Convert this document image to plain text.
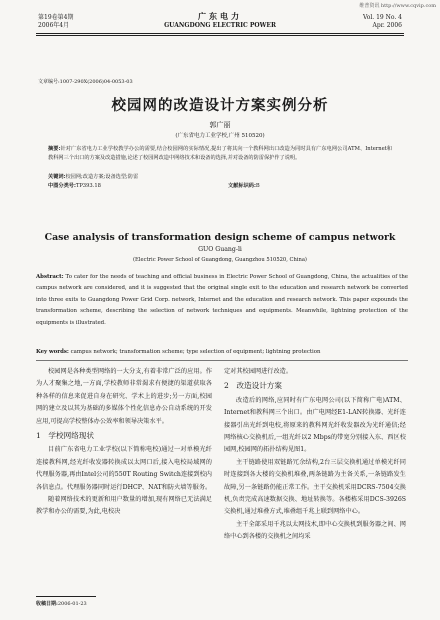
维普资讯 http://www.cqvip.com
第19卷第4期
2006年4月
广东电力
GUANGDONG ELECTRIC POWER
Vol. 19 No. 4
Apr. 2006
文章编号:1007-290X(2006)04-0053-03
校园网的改造设计方案实例分析
郭广丽
(广东省电力工业学校,广州 510520)
摘要:针对广东省电力工业学校教学办公的需要,结合校园网的实际情况,提出了将其向一个教科网出口改造为同时具有广东电网公司ATM、Internet和教科网三个出口的方案及改造措施,论述了校园网改造中网络技术和设备的选择,并对设备的防雷保护作了说明。
关键词:校园网;改造方案;设备选型;防雷
中图分类号:TP393.18	文献标识码:B
Case analysis of transformation design scheme of campus network
GUO Guang-li
(Electric Power School of Guangdong, Guangzhou 510520, China)
Abstract: To cater for the needs of teaching and official business in Electric Power School of Guangdong, China, the actualities of the campus network are considered, and it is suggested that the original single exit to the education and research network be converted into three exits to Guangdong Power Grid Corp. network, Internet and the education and research network. This paper expounds the transformation scheme, describing the selection of network techniques and equipments. Meanwhile, lightning protection of the equipments is illustrated.
Key words: campus network; transformation scheme; type selection of equipment; lightning protection

校园网是各种类型网络的一大分支,有着非常广泛的应用。作为人才聚集之地,一方面,学校教师非常渴求有便捷的渠道获取各种各样的信息来促进自身在研究、学术上的进步;另一方面,校园网的建立及以其为基础的多媒体个性化信息办公自动系统的开发应用,可提高学校整体办公效率和领导决策水平。

1　学校网络现状

目前广东省电力工业学校(以下简称电校)通过一对单模光纤连接教科网,经光纤收发器转换成以太网口后,接入电校局域网的代理服务器,再由Intel公司的550T Routing Switch连接到校内各信息点。代理服务器同时运行DHCP、NAT和防火墙等服务。

随着网络技术的更新和用户数量的增加,现有网络已无法满足教学和办公的需要,为此,电校决

定对其校园网进行改造。

2　改造设计方案

改造后的网络,应同时有广东电网公司(以下简称广电)ATM、Internet和教科网三个出口。由广电网经E1-LAN转换器、光纤连接器引出光纤到电校,将原来的教科网光纤收发器改为光纤通信;经网络核心交换机后,一组光纤以2 Mbps的带宽分别接入东、西区校园网,校园网的拓扑结构见图1。

主干链路使用双链路冗余结构,2台三层交换机通过单模光纤同时连接到各大楼的交换机堆叠,两条链路为主备关系,一条链路发生故障,另一条链路仍能正常工作。主干交换机采用DCRS-7504交换机,负责完成高速数据交换、地址转换等。各楼栋采用DCS-3926S交换机,通过堆叠方式,堆叠组千兆上联到网络中心。

主干全部采用千兆以太网技术,即中心交换机到服务器之间、网络中心到各楼的交换机之间均采

收稿日期:2006-01-23
